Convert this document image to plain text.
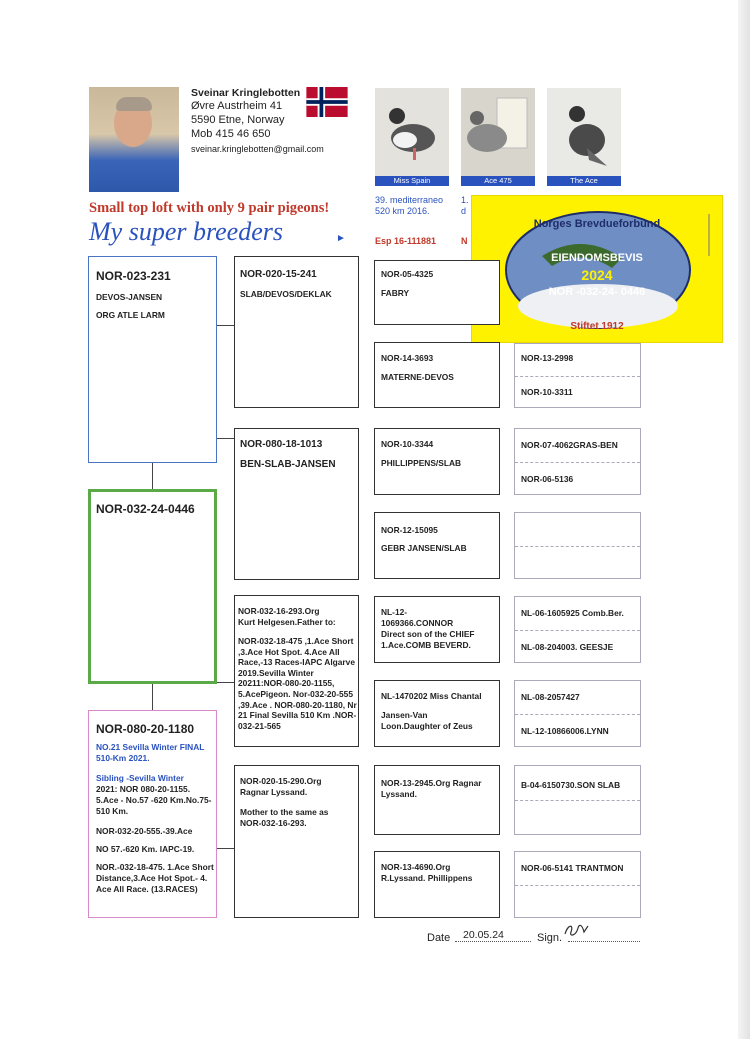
Sveinar Kringlebotten
Øvre Austrheim 41
5590 Etne, Norway
Mob 415 46 650
sveinar.kringlebotten@gmail.com
Miss Spain	Ace 475	The Ace
39. mediterraneo
520 km 2016.
Esp 16-111881
1.
d
N
Small top loft with only 9 pair pigeons!
My super breeders	►
Norges Brevdueforbund
EIENDOMSBEVIS
2024
NOR -032-24- 0446
Stiftet 1912
NOR-023-231
DEVOS-JANSEN
ORG ATLE LARM
NOR-032-24-0446
NOR-080-20-1180
NO.21 Sevilla Winter FINAL 510-Km 2021.
Sibling -Sevilla Winter
2021: NOR 080-20-1155. 5.Ace - No.57 -620 Km.No.75-510 Km.
NOR-032-20-555.-39.Ace
NO 57.-620 Km. IAPC-19.
NOR.-032-18-475. 1.Ace Short Distance,3.Ace Hot Spot.- 4. Ace All Race. (13.RACES)
NOR-020-15-241
SLAB/DEVOS/DEKLAK
NOR-080-18-1013
BEN-SLAB-JANSEN
NOR-032-16-293.Org
Kurt Helgesen.Father to:
NOR-032-18-475 ,1.Ace Short ,3.Ace Hot Spot. 4.Ace All Race,-13 Races-IAPC Algarve 2019.Sevilla Winter 20211:NOR-080-20-1155, 5.AcePigeon. Nor-032-20-555 ,39.Ace . NOR-080-20-1180, Nr 21 Final Sevilla 510 Km .NOR-032-21-565
NOR-020-15-290.Org
Ragnar Lyssand.
Mother to the same as NOR-032-16-293.
NOR-05-4325
FABRY
NOR-14-3693
MATERNE-DEVOS
NOR-10-3344
PHILLIPPENS/SLAB
NOR-12-15095
GEBR JANSEN/SLAB
NL-12-
1069366.CONNOR
Direct son of the CHIEF 1.Ace.COMB BEVERD.
NL-1470202 Miss Chantal
Jansen-Van Loon.Daughter of Zeus
NOR-13-2945.Org Ragnar
Lyssand.
NOR-13-4690.Org
R.Lyssand. Phillippens
NOR-13-2998
NOR-10-3311
NOR-07-4062GRAS-BEN
NOR-06-5136
NL-06-1605925 Comb.Ber.
NL-08-204003. GEESJE
NL-08-2057427
NL-12-10866006.LYNN
B-04-6150730.SON SLAB
NOR-06-5141 TRANTMON
Date 20.05.24	Sign.
